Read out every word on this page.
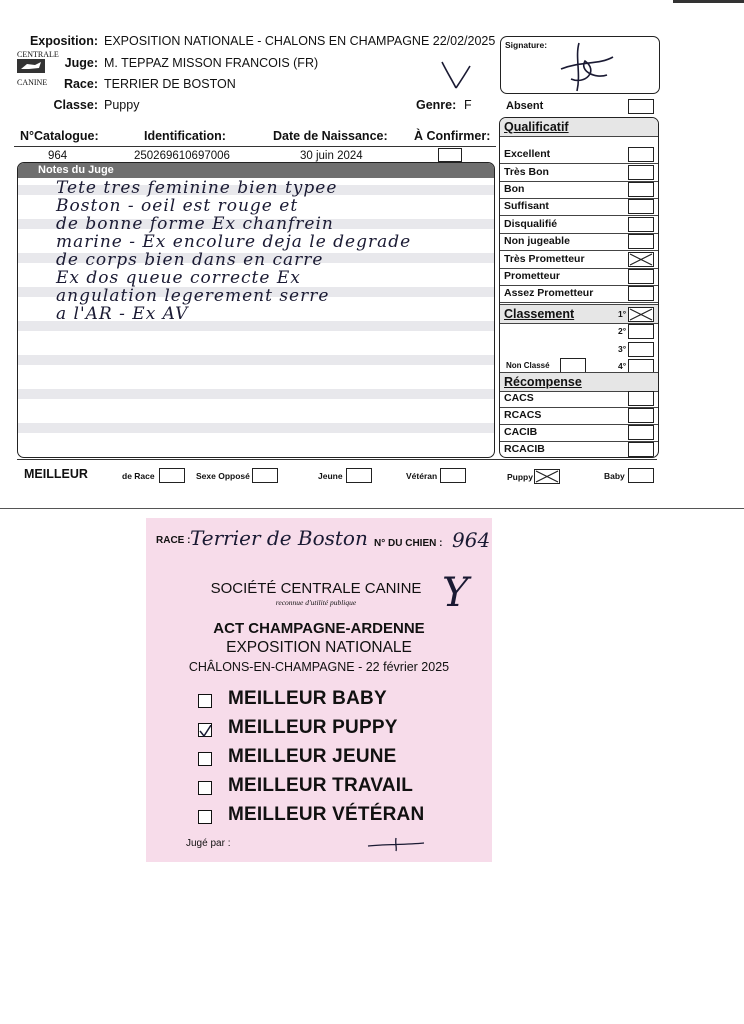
CENTRALE
CANINE
Exposition: EXPOSITION NATIONALE - CHALONS EN CHAMPAGNE 22/02/2025
Juge: M. TEPPAZ MISSON FRANCOIS (FR)
Race: TERRIER DE BOSTON
Classe: Puppy	Genre: F
Signature:
Absent
N°Catalogue:	Identification:	Date de Naissance: À Confirmer:
964	250269610697006	30 juin 2024
Notes du Juge
Tete tres feminine bien typee
Boston - oeil est rouge et
de bonne forme Ex chanfrein
marine - Ex encolure deja le degrade
de corps bien dans en carre
Ex dos queue correcte Ex
angulation legerement serre
a l'AR - Ex AV
Qualificatif
Excellent
Très Bon
Bon
Suffisant
Disqualifié
Non jugeable
Très Prometteur
Prometteur
Assez Prometteur
Classement	1°
2°
3°
Non Classé	4°
Récompense
CACS
RCACS
CACIB
RCACIB
MEILLEUR	de Race	Sexe Opposé	Jeune	Vétéran	Puppy	Baby
RACE : Terrier de Boston N° DU CHIEN : 964
SOCIÉTÉ CENTRALE CANINE
reconnue d'utilité publique	Y
ACT CHAMPAGNE-ARDENNE
EXPOSITION NATIONALE
CHÂLONS-EN-CHAMPAGNE - 22 février 2025
MEILLEUR BABY
MEILLEUR PUPPY
MEILLEUR JEUNE
MEILLEUR TRAVAIL
MEILLEUR VÉTÉRAN
Jugé par :
